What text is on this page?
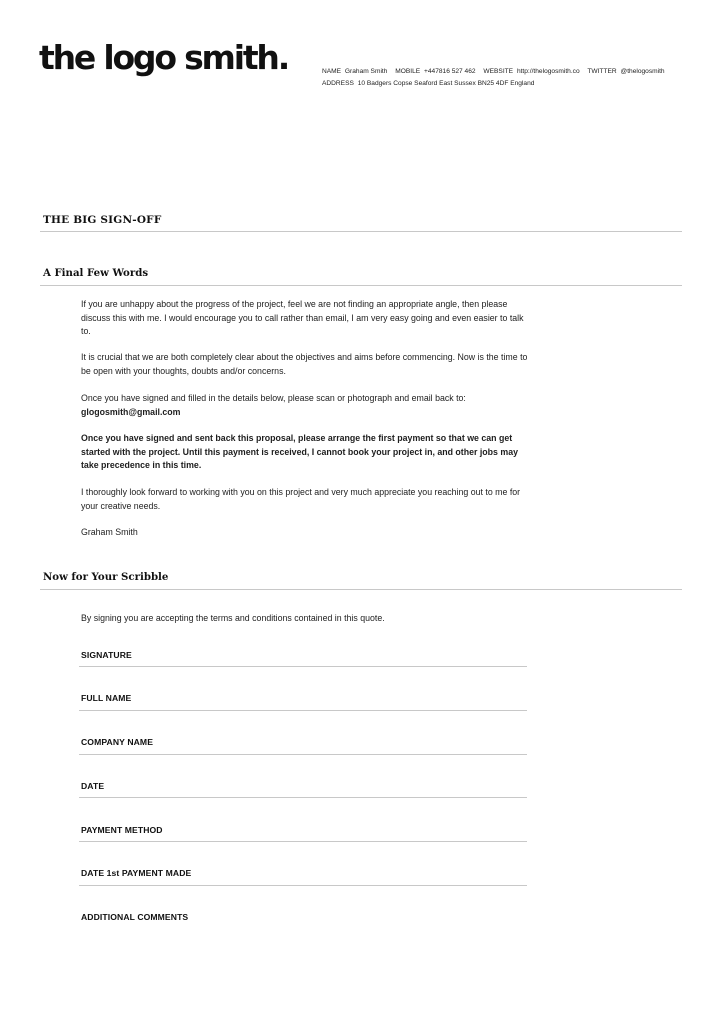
the logo smith.	NAME Graham Smith MOBILE +447816 527 462 WEBSITE http://thelogosmith.co TWITTER @thelogosmith
ADDRESS 10 Badgers Copse Seaford East Sussex BN25 4DF England
THE BIG SIGN-OFF
A Final Few Words

If you are unhappy about the progress of the project, feel we are not finding an appropriate angle, then please discuss this with me. I would encourage you to call rather than email, I am very easy going and even easier to talk to.

It is crucial that we are both completely clear about the objectives and aims before commencing. Now is the time to be open with your thoughts, doubts and/or concerns.

Once you have signed and filled in the details below, please scan or photograph and email back to:

glogosmith@gmail.com

Once you have signed and sent back this proposal, please arrange the first payment so that we can get started with the project. Until this payment is received, I cannot book your project in, and other jobs may take precedence in this time.

I thoroughly look forward to working with you on this project and very much appreciate you reaching out to me for your creative needs.

Graham Smith

Now for Your Scribble

By signing you are accepting the terms and conditions contained in this quote.

SIGNATURE
FULL NAME
COMPANY NAME
DATE
PAYMENT METHOD
DATE 1st PAYMENT MADE
ADDITIONAL COMMENTS
